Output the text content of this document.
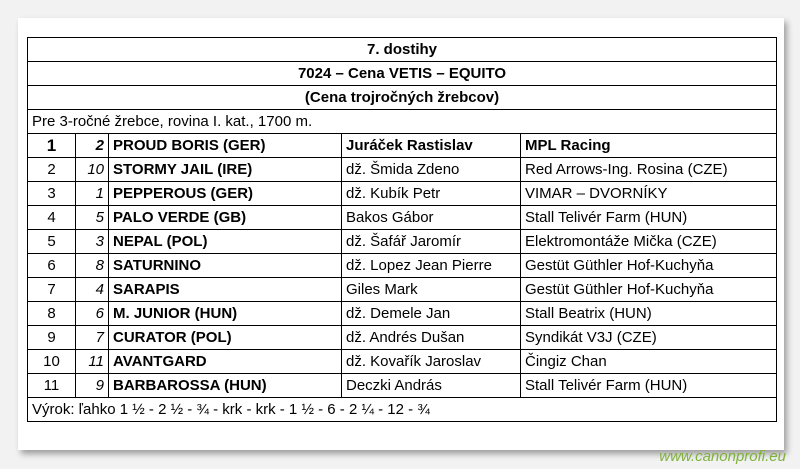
7. dostihy				
7024 – Cena VETIS – EQUITO				
(Cena trojročných žrebcov)				
Pre 3-ročné žrebce, rovina I. kat., 1700 m.				
1	2	PROUD BORIS (GER)	Juráček Rastislav	MPL Racing
2	10	STORMY JAIL (IRE)	dž. Šmida Zdeno	Red Arrows-Ing. Rosina (CZE)
3	1	PEPPEROUS (GER)	dž. Kubík Petr	VIMAR – DVORNÍKY
4	5	PALO VERDE (GB)	Bakos Gábor	Stall Telivér Farm (HUN)
5	3	NEPAL (POL)	dž. Šafář Jaromír	Elektromontáže Mička (CZE)
6	8	SATURNINO	dž. Lopez Jean Pierre	Gestüt Güthler Hof-Kuchyňa
7	4	SARAPIS	Giles Mark	Gestüt Güthler Hof-Kuchyňa
8	6	M. JUNIOR (HUN)	dž. Demele Jan	Stall Beatrix (HUN)
9	7	CURATOR (POL)	dž. Andrés Dušan	Syndikát V3J (CZE)
10	11	AVANTGARD	dž. Kovařík Jaroslav	Čingiz Chan
11	9	BARBAROSSA (HUN)	Deczki András	Stall Telivér Farm (HUN)
Výrok: ľahko 1 ½ - 2 ½ - ¾ - krk - krk - 1 ½ - 6 - 2 ¼ - 12 - ¾				
www.canonprofi.eu
